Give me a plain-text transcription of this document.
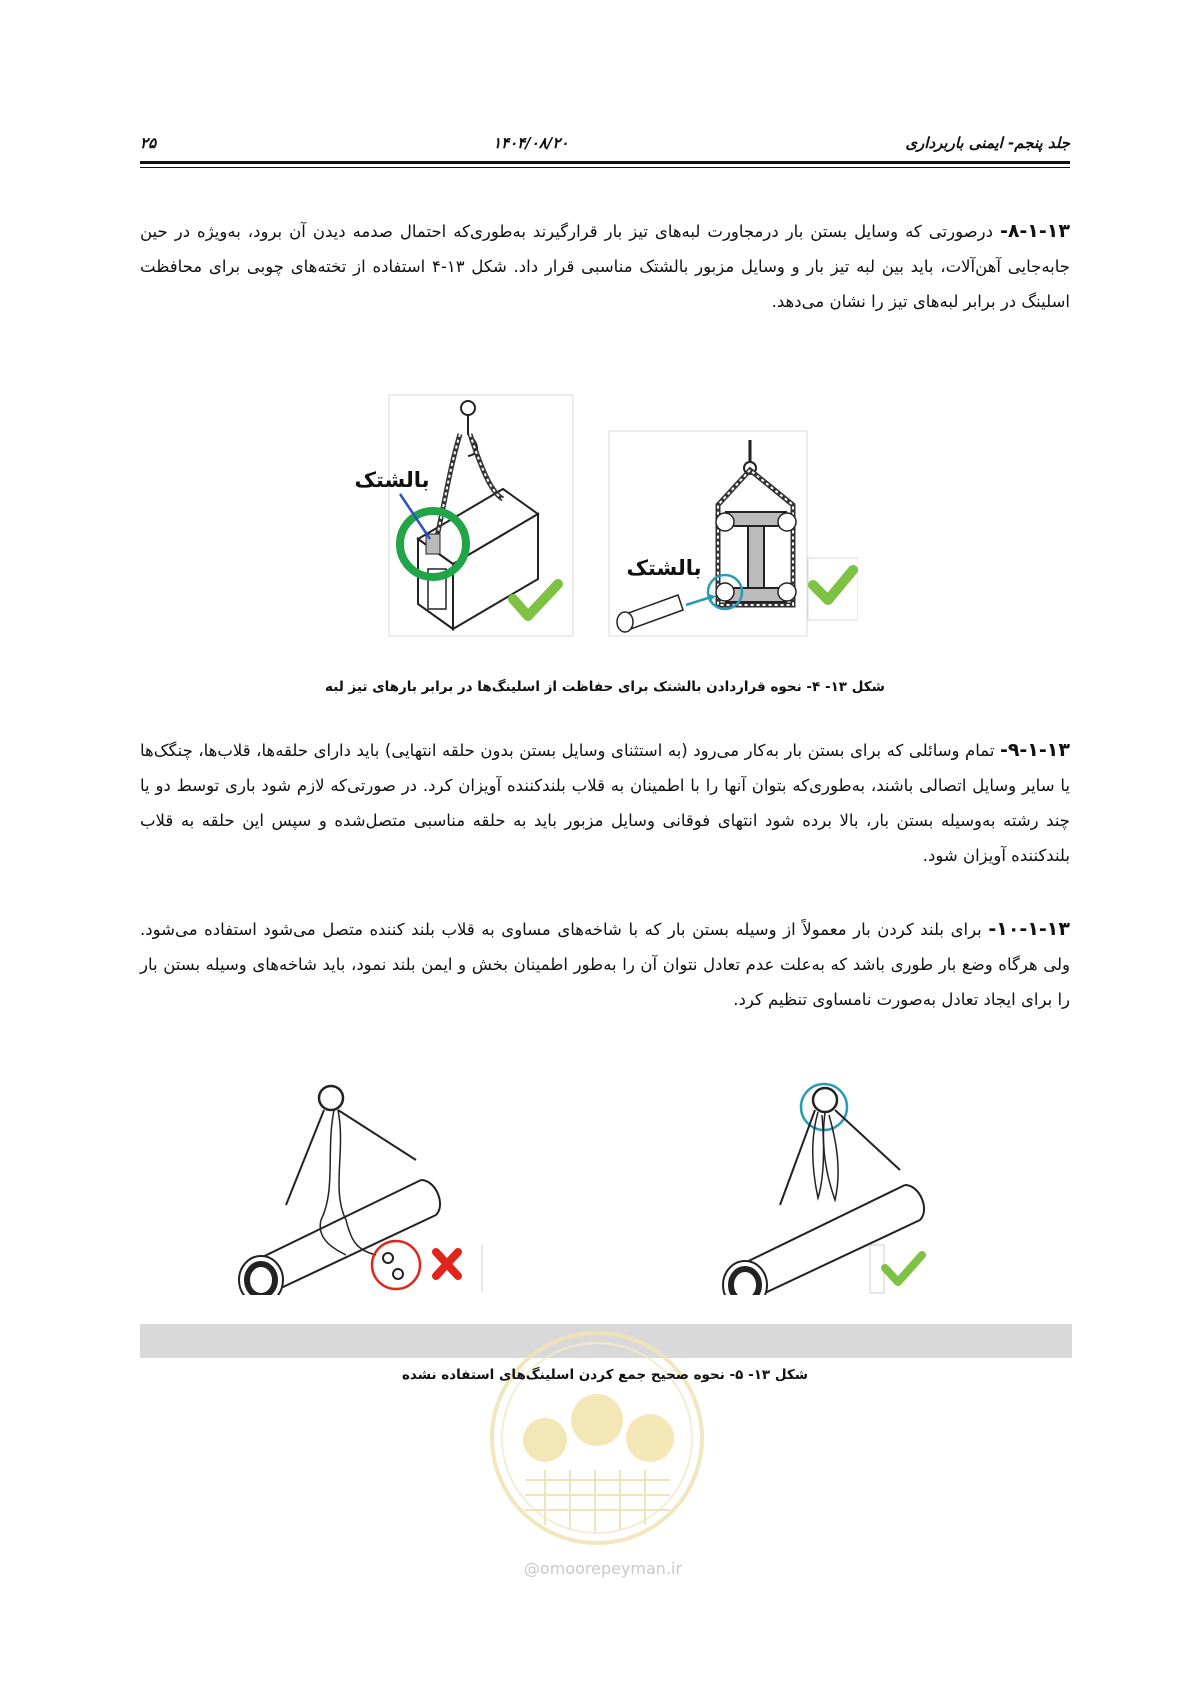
جلد پنجم- ایمنی باربرداری
۱۴۰۴/۰۸/۲۰
۲۵
۸-۱-۱۳- درصورتی که وسایل بستن بار درمجاورت لبه‌های تیز بار قرارگیرند به‌طوری‌که احتمال صدمه دیدن آن برود، به‌ویژه در حین جابه‌جایی آهن‌آلات، باید بین لبه تیز بار و وسایل مزبور بالشتک مناسبی قرار داد. شکل ۱۳-۴ استفاده از تخته‌های چوبی برای محافظت اسلینگ در برابر لبه‌های تیز را نشان می‌دهد.
بالشتک
بالشتک
شکل ۱۳- ۴- نحوه قراردادن بالشتک برای حفاظت از اسلینگ‌ها در برابر بارهای تیز لبه
۹-۱-۱۳- تمام وسائلی که برای بستن بار به‌کار می‌رود (به استثنای وسایل بستن بدون حلقه انتهایی) باید دارای حلقه‌ها، قلاب‌ها، چنگک‌ها یا سایر وسایل اتصالی باشند، به‌طوری‌که بتوان آنها را با اطمینان به قلاب بلندکننده آویزان کرد. در صورتی‌که لازم شود باری توسط دو یا چند رشته به‌وسیله بستن بار، بالا برده شود انتهای فوقانی وسایل مزبور باید به حلقه مناسبی متصل‌شده و سپس این حلقه به قلاب بلندکننده آویزان شود.
۱۰-۱-۱۳- برای بلند کردن بار معمولاً از وسیله بستن بار که با شاخه‌های مساوی به قلاب بلند کننده متصل می‌شود استفاده می‌شود. ولی هرگاه وضع بار طوری باشد که به‌علت عدم تعادل نتوان آن را به‌طور اطمینان بخش و ایمن بلند نمود، باید شاخه‌های وسیله بستن بار را برای ایجاد تعادل به‌صورت نامساوی تنظیم کرد.
@omoorepeyman.ir
شکل ۱۳- ۵- نحوه صحیح جمع کردن اسلینگ‌های استفاده نشده
